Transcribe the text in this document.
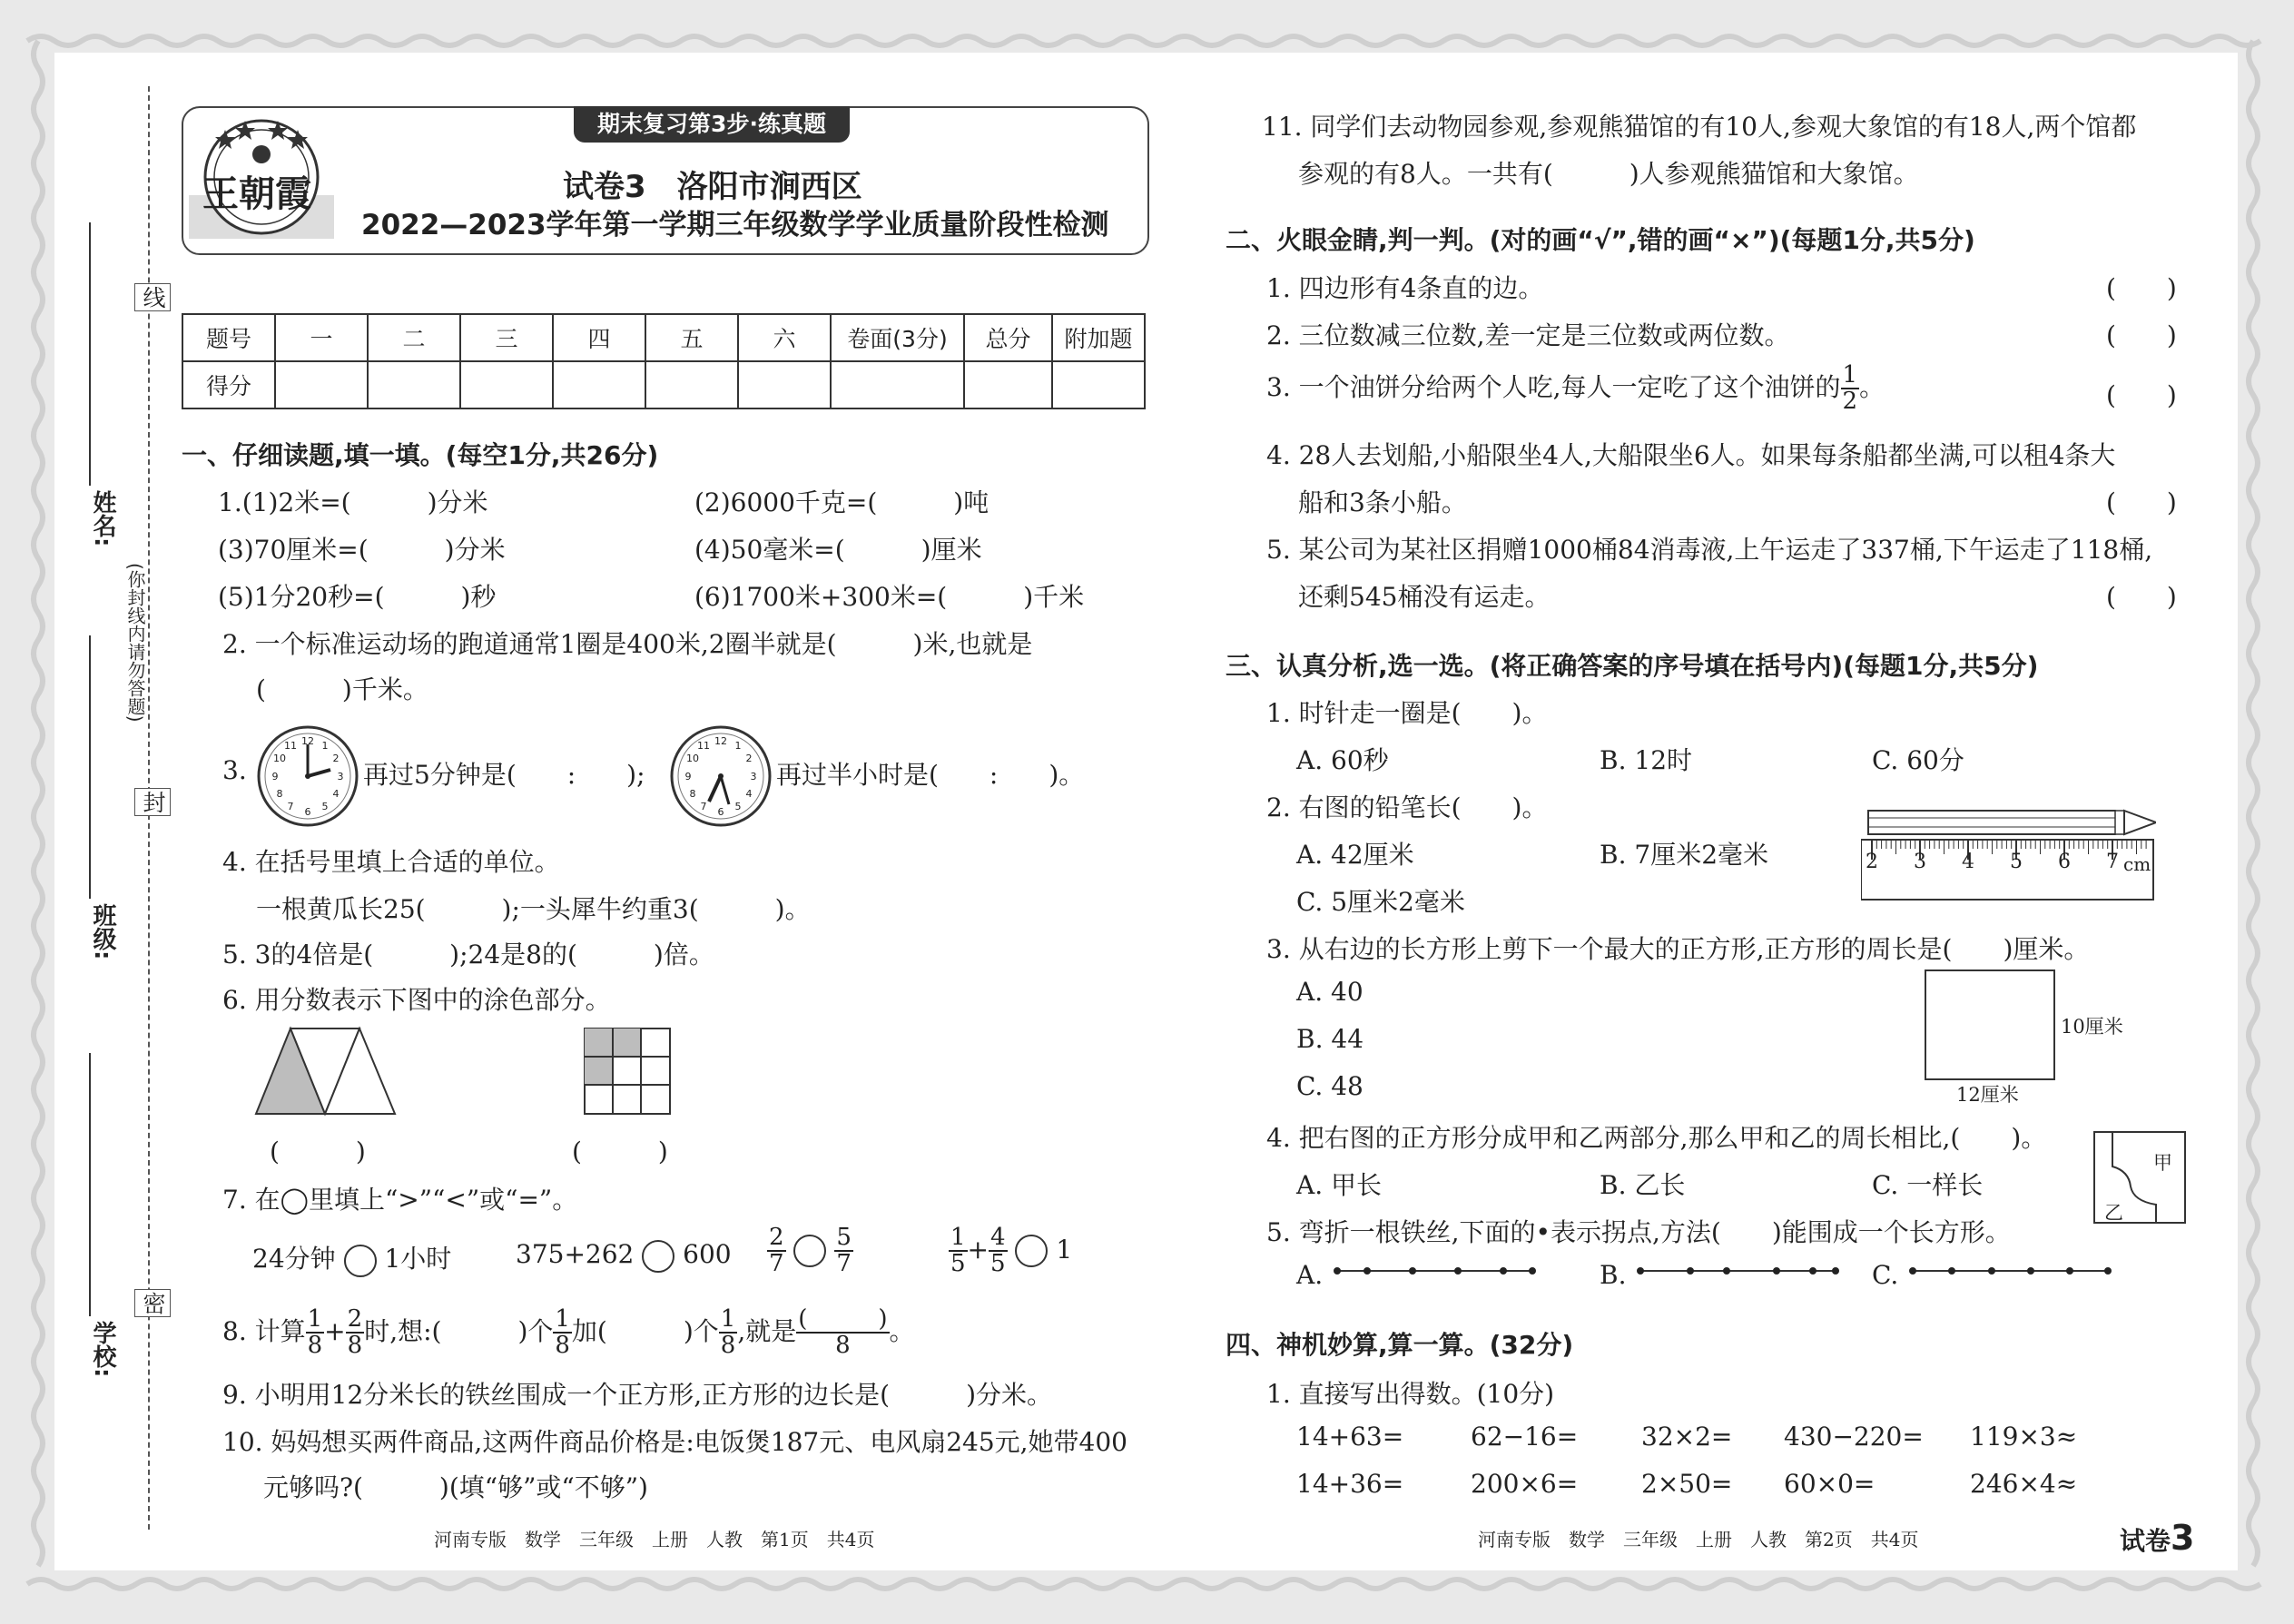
线
封
密
(你封线内请勿答题)
姓名:
班级:
学校:
期末复习第3步·练真题
王朝霞	试卷3　洛阳市涧西区
2022—2023学年第一学期三年级数学学业质量阶段性检测
题号	一	二	三	四	五	六	卷面(3分)	总分	附加题
得分									
一、仔细读题,填一填。(每空1分,共26分)
1.(1)2米=(　　　)分米	(2)6000千克=(　　　)吨
(3)70厘米=(　　　)分米	(4)50毫米=(　　　)厘米
(5)1分20秒=(　　　)秒	(6)1700米+300米=(　　　)千米
2. 一个标准运动场的跑道通常1圈是400米,2圈半就是(　　　)米,也就是
(　　　)千米。
3.
12 1
2
3
4
5
6
7
8
9
10
11
再过5分钟是(　　:　　);
12 1
2
3
4
5
6
7
8
9
10
11
再过半小时是(　　:　　)。
4. 在括号里填上合适的单位。
一根黄瓜长25(　　　);一头犀牛约重3(　　　)。
5. 3的4倍是(　　　);24是8的(　　　)倍。
6. 用分数表示下图中的涂色部分。
(　　　)	(　　　)
7. 在◯里填上“>”“<”或“=”。
24分钟 1小时	375+262 $600 \frac{2}{7}$
$\frac{5}{7}$	$\frac{1}{5} + \frac{4}{5} 1$
8. 计算 $\frac{1}{8} + \frac{2}{8}$ 时,想:(　　　)个 $\frac{1}{8}$ 加(　　　)个 $\frac{1}{8}$ ,就是 $\frac{( )}{8}$ 。
9. 小明用12分米长的铁丝围成一个正方形,正方形的边长是(　　　)分米。
10. 妈妈想买两件商品,这两件商品价格是:电饭煲187元、电风扇245元,她带400
元够吗?(　　　)(填“够”或“不够”)
河南专版　数学　三年级　上册　人教　第1页　共4页
11. 同学们去动物园参观,参观熊猫馆的有10人,参观大象馆的有18人,两个馆都
参观的有8人。一共有(　　　)人参观熊猫馆和大象馆。
二、火眼金睛,判一判。(对的画“√”,错的画“×”)(每题1分,共5分)
1. 四边形有4条直的边。	(　　)
2. 三位数减三位数,差一定是三位数或两位数。	(　　)
3. 一个油饼分给两个人吃,每人一定吃了这个油饼的 $\frac{1}{2}$ 。	(　　)
4. 28人去划船,小船限坐4人,大船限坐6人。如果每条船都坐满,可以租4条大
船和3条小船。	(　　)
5. 某公司为某社区捐赠1000桶84消毒液,上午运走了337桶,下午运走了118桶,
还剩545桶没有运走。	(　　)
三、认真分析,选一选。(将正确答案的序号填在括号内)(每题1分,共5分)
1. 时针走一圈是(　　)。
A. 60秒	B. 12时	C. 60分
2. 右图的铅笔长(　　)。
A. 42厘米	B. 7厘米2毫米
C. 5厘米2毫米
2 3 4 5 6 7 cm
3. 从右边的长方形上剪下一个最大的正方形,正方形的周长是(　　)厘米。
A. 40
B. 44
C. 48
10厘米
12厘米
4. 把右图的正方形分成甲和乙两部分,那么甲和乙的周长相比,(　　)。
A. 甲长	B. 乙长	C. 一样长
甲
乙
5. 弯折一根铁丝,下面的•表示拐点,方法(　　)能围成一个长方形。
A.	B.	C.
四、神机妙算,算一算。(32分)
1. 直接写出得数。(10分)
14+63=	62−16= 32×2= 430−220= 119×3≈
14+36=	200×6= 2×50= 60×0=	246×4≈
河南专版　数学　三年级　上册　人教　第2页　共4页	试卷3
